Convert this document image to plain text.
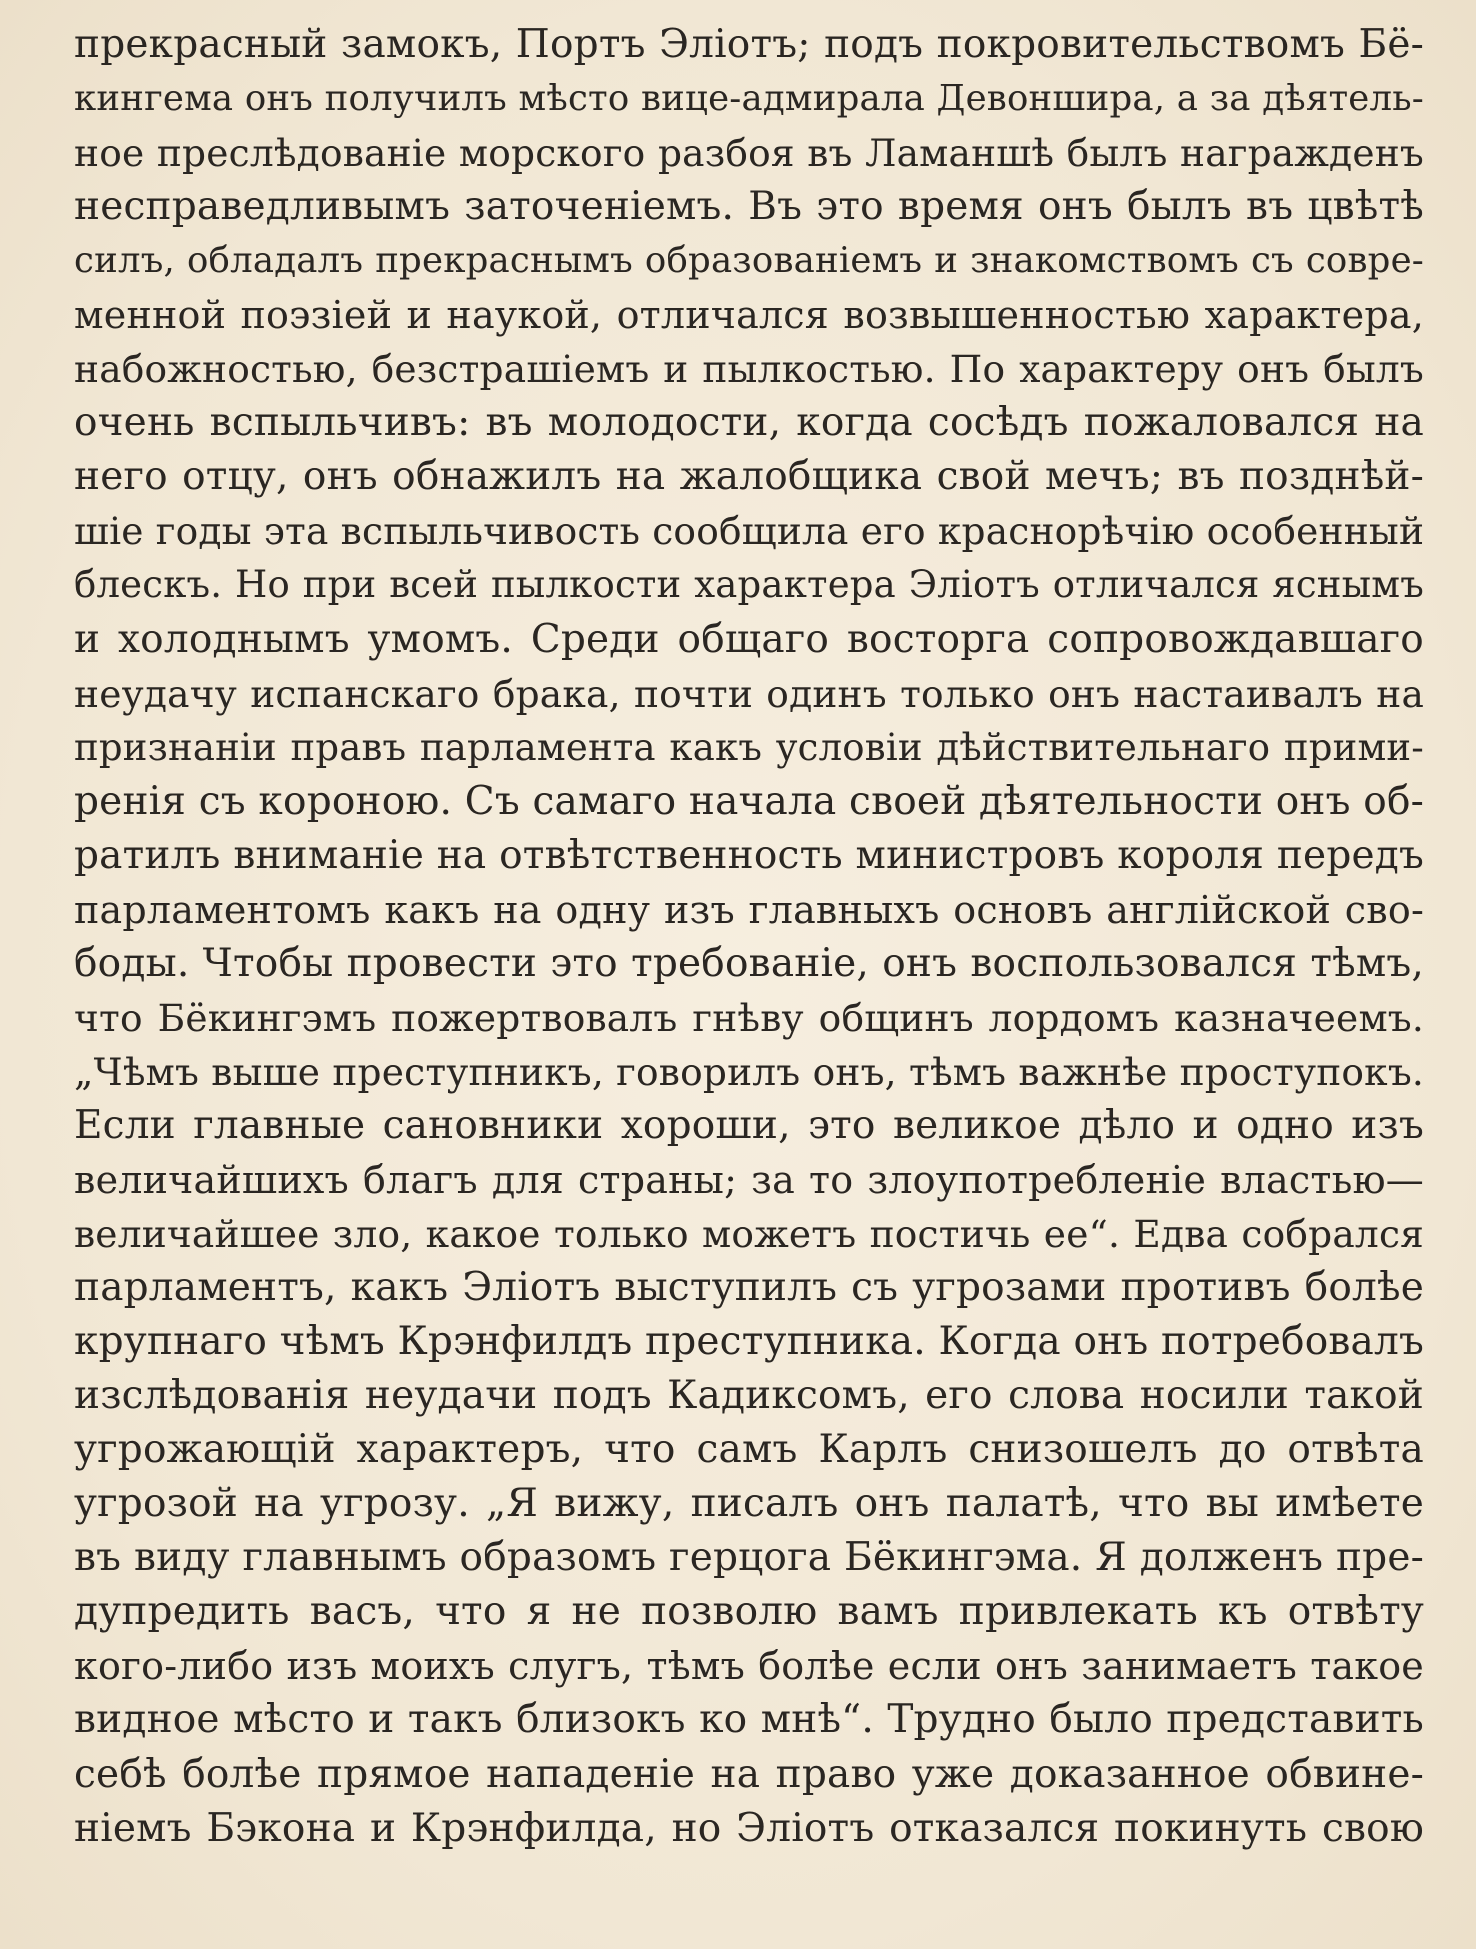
прекрасный замокъ, Портъ Элiотъ; подъ покровительствомъ Бё-
кингема онъ получилъ мѣсто вице-адмирала Девоншира, а за дѣятель-
ное преслѣдованiе морского разбоя въ Ламаншѣ былъ награжденъ
несправедливымъ заточенiемъ. Въ это время онъ былъ въ цвѣтѣ
силъ, обладалъ прекраснымъ образованiемъ и знакомствомъ съ совре-
менной поэзiей и наукой, отличался возвышенностью характера,
набожностью, безстрашiемъ и пылкостью. По характеру онъ былъ
очень вспыльчивъ: въ молодости, когда сосѣдъ пожаловался на
него отцу, онъ обнажилъ на жалобщика свой мечъ; въ позднѣй-
шiе годы эта вспыльчивость сообщила его краснорѣчiю особенный
блескъ. Но при всей пылкости характера Элiотъ отличался яснымъ
и холоднымъ умомъ. Среди общаго восторга сопровождавшаго
неудачу испанскаго брака, почти одинъ только онъ настаивалъ на
признанiи правъ парламента какъ условiи дѣйствительнаго прими-
ренiя съ короною. Съ самаго начала своей дѣятельности онъ об-
ратилъ вниманiе на отвѣтственность министровъ короля передъ
парламентомъ какъ на одну изъ главныхъ основъ англiйской сво-
боды. Чтобы провести это требованiе, онъ воспользовался тѣмъ,
что Бёкингэмъ пожертвовалъ гнѣву общинъ лордомъ казначеемъ.
„Чѣмъ выше преступникъ, говорилъ онъ, тѣмъ важнѣе проступокъ.
Если главные сановники хороши, это великое дѣло и одно изъ
величайшихъ благъ для страны; за то злоупотребленiе властью—
величайшее зло, какое только можетъ постичь ее“. Едва собрался
парламентъ, какъ Элiотъ выступилъ съ угрозами противъ болѣе
крупнаго чѣмъ Крэнфилдъ преступника. Когда онъ потребовалъ
изслѣдованiя неудачи подъ Кадиксомъ, его слова носили такой
угрожающiй характеръ, что самъ Карлъ снизошелъ до отвѣта
угрозой на угрозу. „Я вижу, писалъ онъ палатѣ, что вы имѣете
въ виду главнымъ образомъ герцога Бёкингэма. Я долженъ пре-
дупредить васъ, что я не позволю вамъ привлекать къ отвѣту
кого-либо изъ моихъ слугъ, тѣмъ болѣе если онъ занимаетъ такое
видное мѣсто и такъ близокъ ко мнѣ“. Трудно было представить
себѣ болѣе прямое нападенiе на право уже доказанное обвине-
нiемъ Бэкона и Крэнфилда, но Элiотъ отказался покинуть свою
